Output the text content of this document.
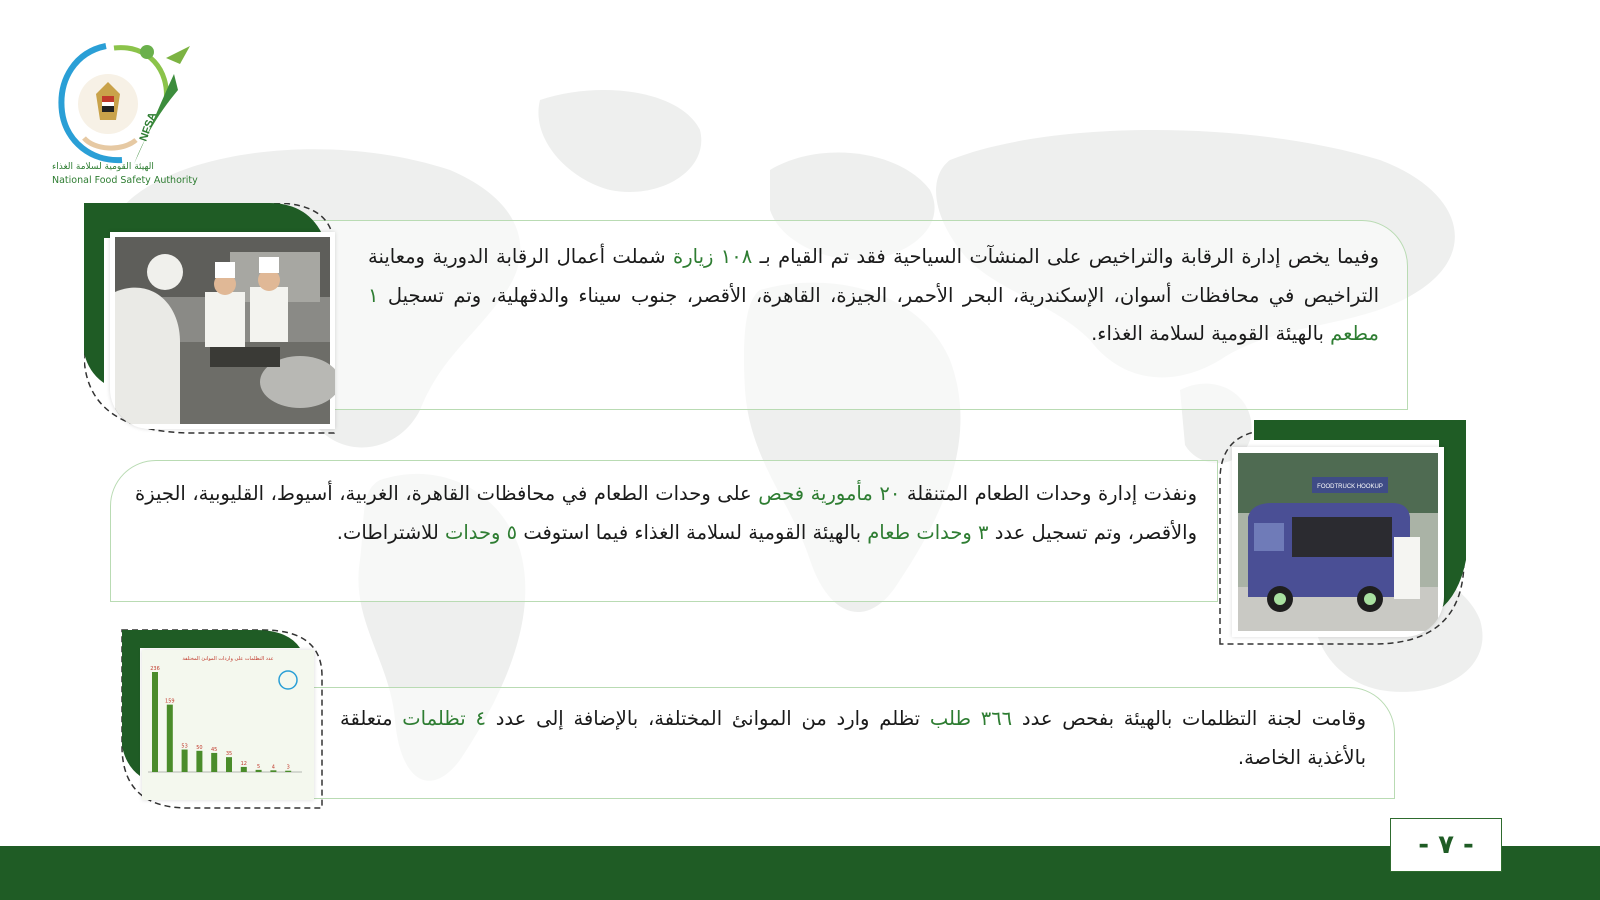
NFSA
الهيئة القومية لسلامة الغذاء
National Food Safety Authority

وفيما يخص إدارة الرقابة والتراخيص على المنشآت السياحية فقد تم القيام بـ ١٠٨ زيارة شملت أعمال الرقابة الدورية ومعاينة التراخيص في محافظات أسوان، الإسكندرية، البحر الأحمر، الجيزة، القاهرة، الأقصر، جنوب سيناء والدقهلية، وتم تسجيل ١ مطعم بالهيئة القومية لسلامة الغذاء.

ونفذت إدارة وحدات الطعام المتنقلة ٢٠ مأمورية فحص على وحدات الطعام في محافظات القاهرة، الغربية، أسيوط، القليوبية، الجيزة والأقصر، وتم تسجيل عدد ٣ وحدات طعام بالهيئة القومية لسلامة الغذاء فيما استوفت ٥ وحدات للاشتراطات.

FOODTRUCK HOOKUP

وقامت لجنة التظلمات بالهيئة بفحص عدد ٣٦٦ طلب تظلم وارد من الموانئ المختلفة، بالإضافة إلى عدد ٤ تظلمات متعلقة بالأغذية الخاصة.

عدد التظلمات على واردات الموانئ المختلفة
236
159
53 50 45
35
12 5 4 3
- ٧ -
